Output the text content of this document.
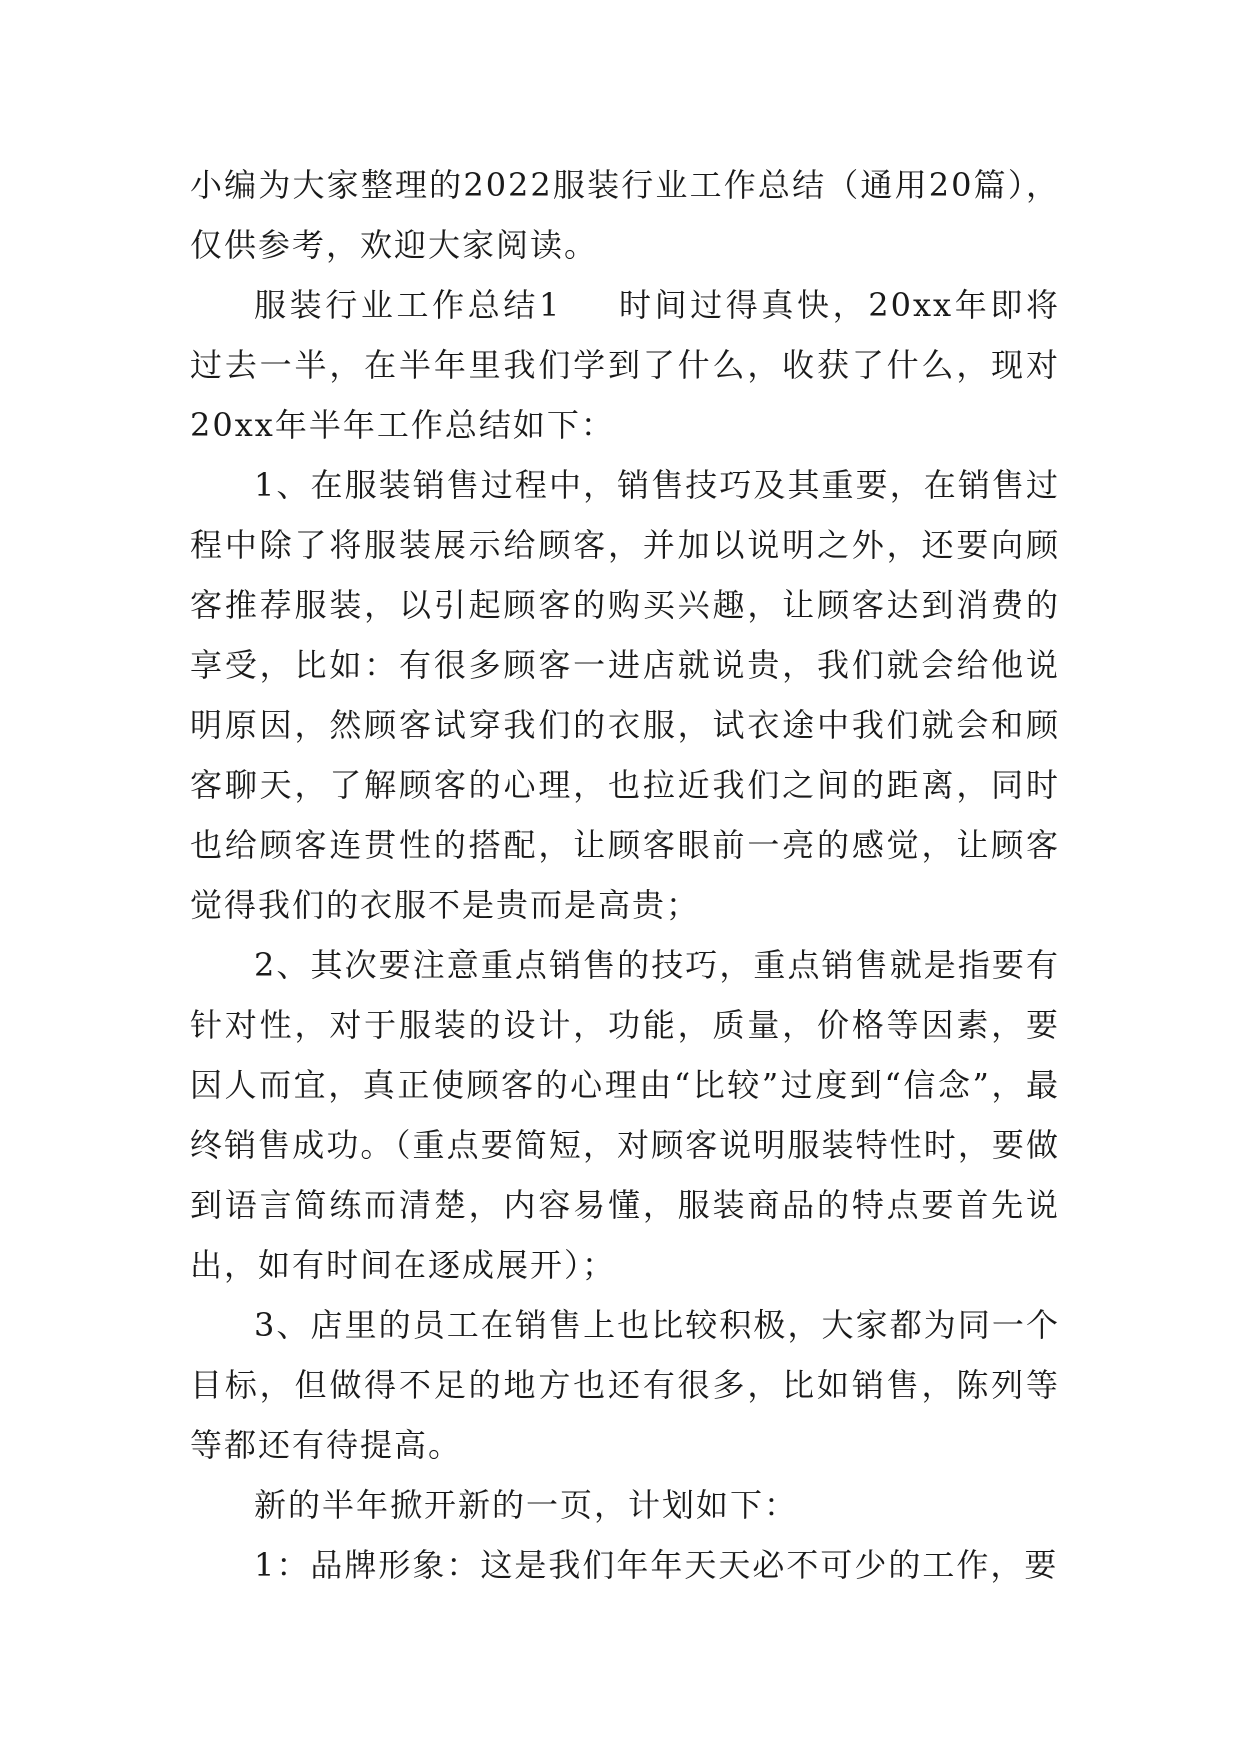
小编为大家整理的2022服装行业工作总结（通用20篇），仅供参考，欢迎大家阅读。

服装行业工作总结1 时间过得真快，20xx年即将过去一半，在半年里我们学到了什么，收获了什么，现对20xx年半年工作总结如下：

1、在服装销售过程中，销售技巧及其重要，在销售过程中除了将服装展示给顾客，并加以说明之外，还要向顾客推荐服装，以引起顾客的购买兴趣，让顾客达到消费的享受，比如：有很多顾客一进店就说贵，我们就会给他说明原因，然顾客试穿我们的衣服，试衣途中我们就会和顾客聊天，了解顾客的心理，也拉近我们之间的距离，同时也给顾客连贯性的搭配，让顾客眼前一亮的感觉，让顾客觉得我们的衣服不是贵而是高贵；

2、其次要注意重点销售的技巧，重点销售就是指要有针对性，对于服装的设计，功能，质量，价格等因素，要因人而宜，真正使顾客的心理由“比较”过度到“信念”，最终销售成功。（重点要简短，对顾客说明服装特性时，要做到语言简练而清楚，内容易懂，服装商品的特点要首先说出，如有时间在逐成展开）；

3、店里的员工在销售上也比较积极，大家都为同一个目标，但做得不足的地方也还有很多，比如销售，陈列等等都还有待提高。

新的半年掀开新的一页，计划如下：

1：品牌形象：这是我们年年天天必不可少的工作，要
